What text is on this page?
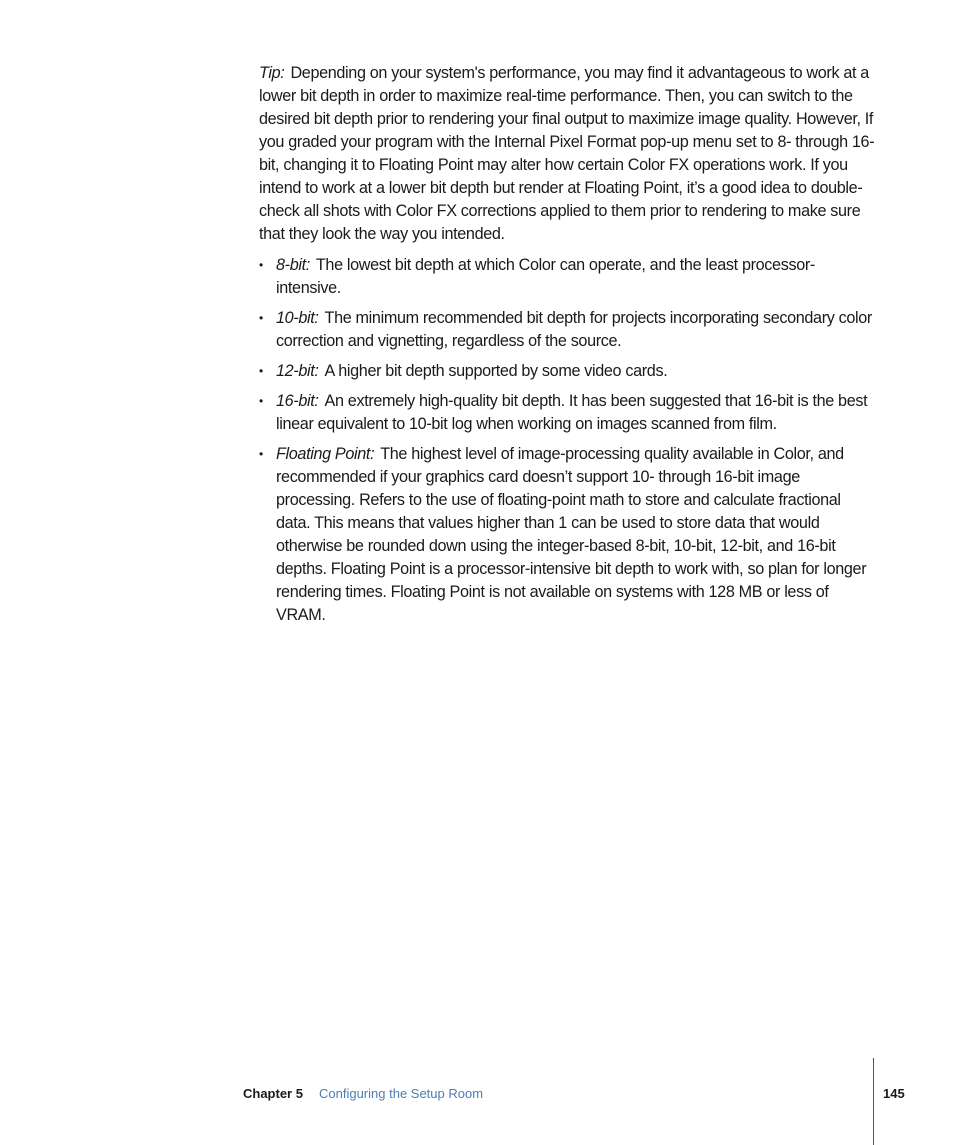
Tip: Depending on your system's performance, you may find it advantageous to work at a lower bit depth in order to maximize real-time performance. Then, you can switch to the desired bit depth prior to rendering your final output to maximize image quality. However, If you graded your program with the Internal Pixel Format pop-up menu set to 8- through 16-bit, changing it to Floating Point may alter how certain Color FX operations work. If you intend to work at a lower bit depth but render at Floating Point, it’s a good idea to double-check all shots with Color FX corrections applied to them prior to rendering to make sure that they look the way you intended.

• 8-bit: The lowest bit depth at which Color can operate, and the least processor-intensive.
• 10-bit: The minimum recommended bit depth for projects incorporating secondary color correction and vignetting, regardless of the source.
• 12-bit: A higher bit depth supported by some video cards.
• 16-bit: An extremely high-quality bit depth. It has been suggested that 16-bit is the best linear equivalent to 10-bit log when working on images scanned from film.
• Floating Point: The highest level of image-processing quality available in Color, and recommended if your graphics card doesn’t support 10- through 16-bit image processing. Refers to the use of floating-point math to store and calculate fractional data. This means that values higher than 1 can be used to store data that would otherwise be rounded down using the integer-based 8-bit, 10-bit, 12-bit, and 16-bit depths. Floating Point is a processor-intensive bit depth to work with, so plan for longer rendering times. Floating Point is not available on systems with 128 MB or less of VRAM.
Chapter 5 Configuring the Setup Room	145
